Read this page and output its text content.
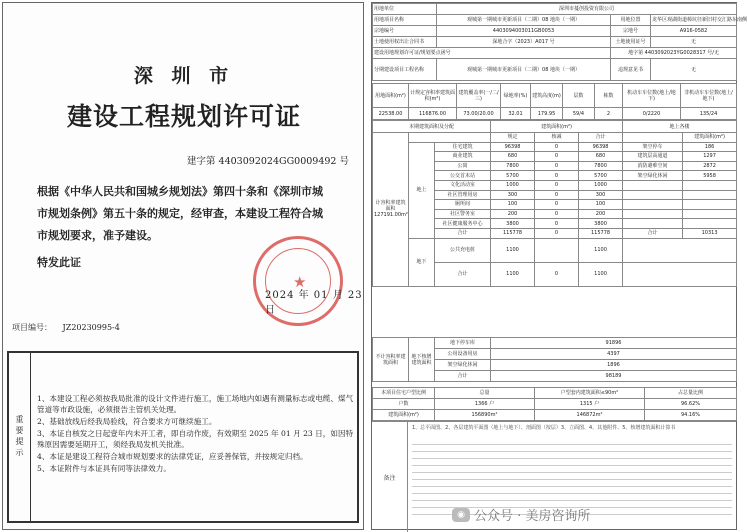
深 圳 市
建设工程规划许可证
建字第 4403092024GG0009492 号
根据《中华人民共和国城乡规划法》第四十条和《深圳市城市规划条例》第五十条的规定，经审查，本建设工程符合城市规划要求，准予建设。
特发此证
★
2024 年 01 月 23 日
项目编号： JZ20230995-4
重要提示
1、本建设工程必须按我局批准的设计文件进行施工，施工场地内如遇有测量标志或电缆、煤气管道等市政设施，必须报告主管机关处理。
2、基础放线后经我局验线，符合要求方可继续施工。
3、本证自核发之日起壹年内未开工者，即自动作废，有效期至 2025 年 01 月 23 日，如因特殊原因需要延期开工，须经我局发机关批准。
4、本证是建设工程符合城市规划要求的法律凭证，应妥善保管，并按规定归档。
5、本证附件与本证具有同等法律效力。
用地单位	深圳市蔓创投资有限公司		
用地项目名称	观城第一期城市更新项目（二期）08 地块（一期）	用地位置	龙华区观湖街道樟坑径新旧村交汇路东南侧
宗地编号	4403094003011GB0053	宗地号	A916-0582
土地使用权出让合同书	深地合字（2023）A017 号	土地使用证号	无
建设用地规划许可证/规划要点函号		地字第 4403092023YG0028317 号/无	
分期建设项目工程名称	观城第一期城市更新项目（二期）08 地块（一期）	违规意见书	无
用地面积(m²)	计规定容积率建筑面积(m²)	建筑覆盖率(一/二/三)	绿地率(%)	建筑高度(m)	层数	栋数	机动车车位数(地上/地下)	非机动车车位数(地上/地下)
22538.00	116876.00	73.00/20.00	32.01	179.95	59/4	2	0/2220	135/24
本期建筑面积及分配			建筑面积(m²)			地上各楼	
计容积率建筑面积 127191.00m²			规定	核减	合计		建筑面积(m²)
	地上	住宅建筑	96398	0	96398	架空停车	186
		商业建筑	680	0	680	建筑层高通道	1297
		公寓	7800	0	7800	消防避难空间	2872
		公交首末站	5700	0	5700	架空绿化休闲	5958
		文化活动室	1000	0	1000		
		社区管理用房	300	0	300		
		厕所间	100	0	100		
		社区警务室	200	0	200		
		社区健康服务中心	3800	0	3800		
		合计	115778	0	115778	合计	10313
	地下	公共充电桩	1100		1100		
		合计	1100	0	1100		
不计容积率建筑面积	地下核增建筑面积	地下停车库	91896
		公用设备用房	4397
		架空绿化休闲	1896
		合计	98189
本项目住宅户型比例	总量	户型套内建筑面积≤90m²	占总量比例
户数	1366 户	1315 户	96.62%
建筑面积(m²)	156890m²	146872m²	94.16%
备注
1、总平面图、2、各层建筑平面图（地上与地下）、剖面图（按层）3、立面图、4、其他附件、5、核增建筑面积计算书
◉ 公众号 · 美房咨询所
